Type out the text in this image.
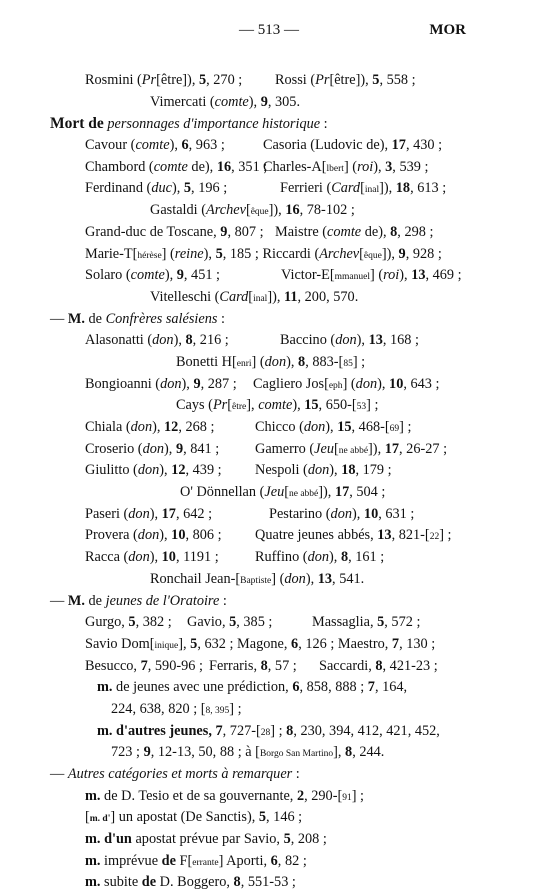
— 513 —	MOR
Rosmini (Pr[être]), 5, 270 ; Rossi (Pr[être]), 5, 558 ;
Vimercati (comte), 9, 305.
Mort de personnages d'importance historique :
Cavour (comte), 6, 963 ;	Casoria (Ludovic de), 17, 430 ;
Chambord (comte de), 16, 351 ;Charles-A[lbert] (roi), 3, 539 ;
Ferdinand (duc), 5, 196 ;	Ferrieri (Card[inal]), 18, 613 ;
Gastaldi (Archev[êque]), 16, 78-102 ;
Grand-duc de Toscane, 9, 807 ; Maistre (comte de), 8, 298 ;
Marie-T[hérèse] (reine), 5, 185 ; Riccardi (Archev[êque]), 9, 928 ;
Solaro (comte), 9, 451 ;	Victor-E[mmanuel] (roi), 13, 469 ;
Vitelleschi (Card[inal]), 11, 200, 570.
— M. de Confrères salésiens :
Alasonatti (don), 8, 216 ;	Baccino (don), 13, 168 ;
Bonetti H[enri] (don), 8, 883-[85] ;
Bongioanni (don), 9, 287 ; Cagliero Jos[eph] (don), 10, 643 ;
Cays (Pr[être], comte), 15, 650-[53] ;
Chiala (don), 12, 268 ;	Chicco (don), 15, 468-[69] ;
Croserio (don), 9, 841 ;	Gamerro (Jeu[ne abbé]), 17, 26-27 ;
Giulitto (don), 12, 439 ; Nespoli (don), 18, 179 ;
O' Dönnellan (Jeu[ne abbé]), 17, 504 ;
Paseri (don), 17, 642 ;	Pestarino (don), 10, 631 ;
Provera (don), 10, 806 ; Quatre jeunes abbés, 13, 821-[22] ;
Racca (don), 10, 1191 ;	Ruffino (don), 8, 161 ;
Ronchail Jean-[Baptiste] (don), 13, 541.
— M. de jeunes de l'Oratoire :
Gurgo, 5, 382 ; Gavio, 5, 385 ;	Massaglia, 5, 572 ;
Savio Dom[inique], 5, 632 ; Magone, 6, 126 ; Maestro, 7, 130 ;
Besucco, 7, 590-96 ; Ferraris, 8, 57 ; Saccardi, 8, 421-23 ;
m. de jeunes avec une prédiction, 6, 858, 888 ; 7, 164,
224, 638, 820 ; [8, 395] ;
m. d'autres jeunes, 7, 727-[28] ; 8, 230, 394, 412, 421, 452,
723 ; 9, 12-13, 50, 88 ; à [Borgo San Martino], 8, 244.
— Autres catégories et morts à remarquer :
m. de D. Tesio et de sa gouvernante, 2, 290-[91] ;
[m. d'] un apostat (De Sanctis), 5, 146 ;
m. d'un apostat prévue par Savio, 5, 208 ;
m. imprévue de F[errante] Aporti, 6, 82 ;
m. subite de D. Boggero, 8, 551-53 ;
